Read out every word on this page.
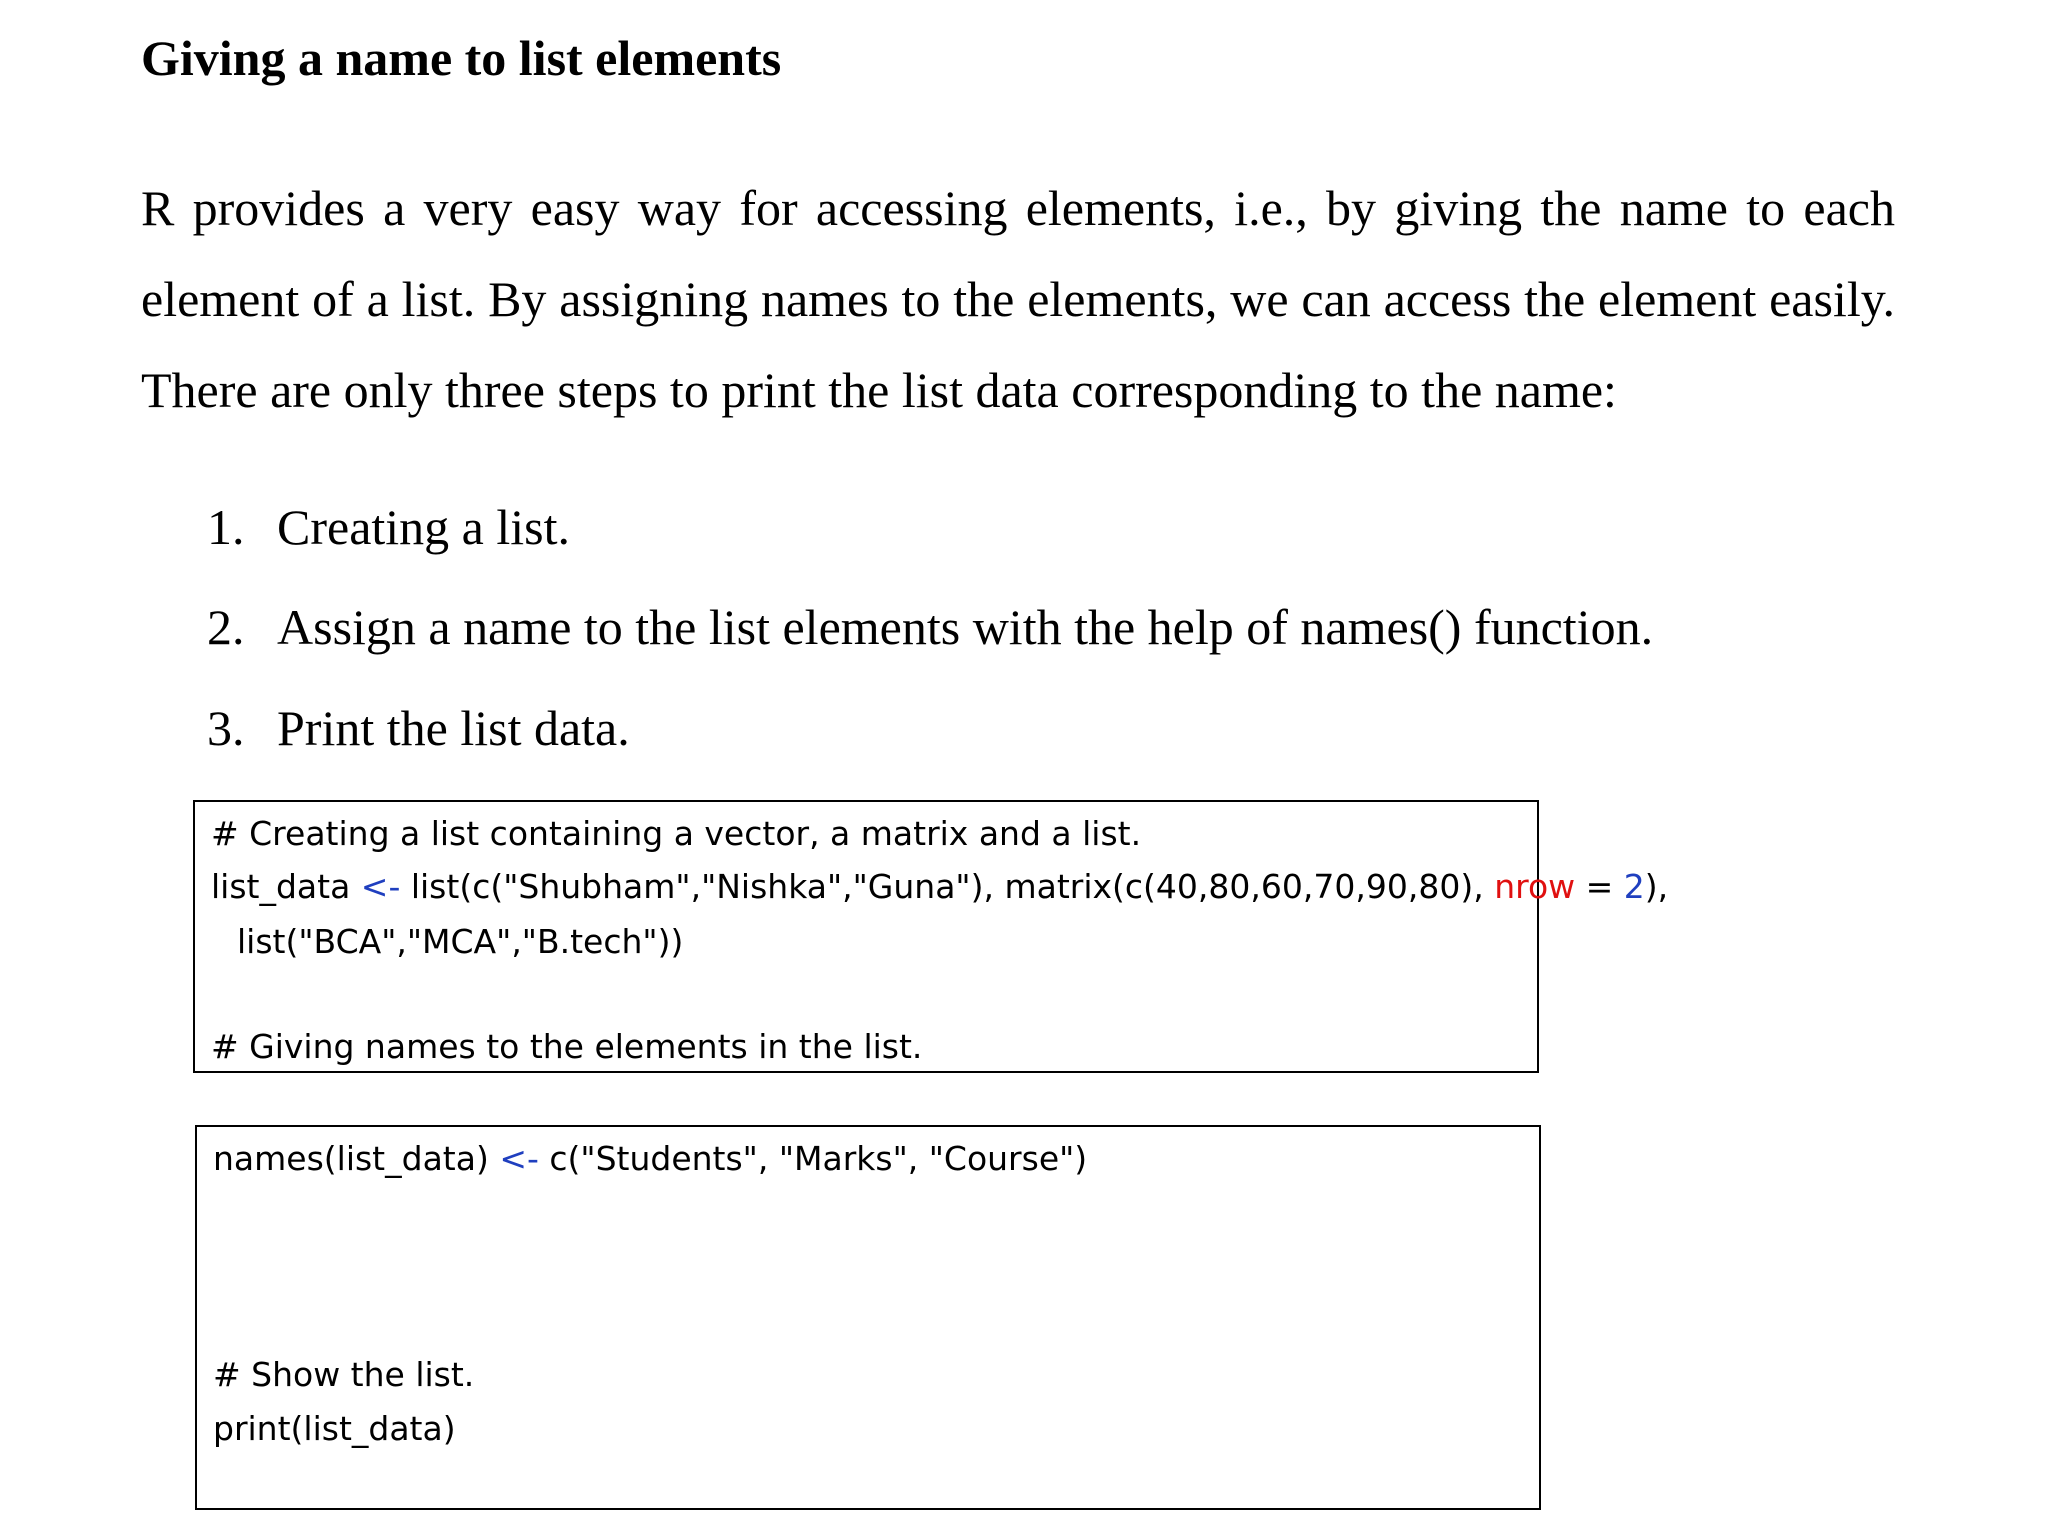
Giving a name to list elements

R provides a very easy way for accessing elements, i.e., by giving the name to each element of a list. By assigning names to the elements, we can access the element easily. There are only three steps to print the list data corresponding to the name:

1. Creating a list.
2. Assign a name to the list elements with the help of names() function.
3. Print the list data.
# Creating a list containing a vector, a matrix and a list.
list_data <- list(c("Shubham","Nishka","Guna"), matrix(c(40,80,60,70,90,80), nrow = 2),
list("BCA","MCA","B.tech"))
# Giving names to the elements in the list.
names(list_data) <- c("Students", "Marks", "Course")
# Show the list.
print(list_data)
